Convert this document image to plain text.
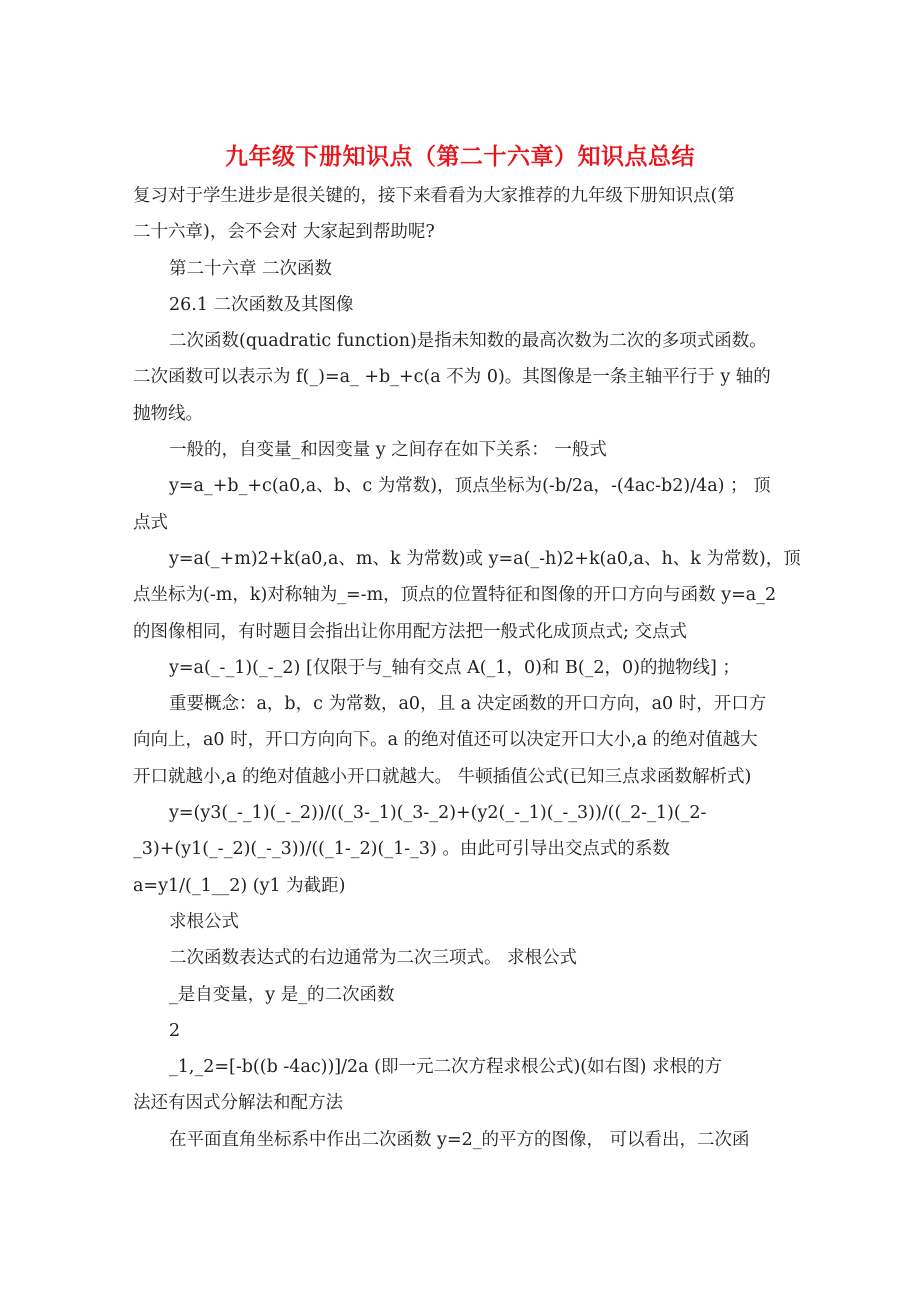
九年级下册知识点（第二十六章）知识点总结

复习对于学生进步是很关键的，接下来看看为大家推荐的九年级下册知识点(第

二十六章)，会不会对 大家起到帮助呢?

第二十六章 二次函数

26.1 二次函数及其图像

二次函数(quadratic function)是指未知数的最高次数为二次的多项式函数。

二次函数可以表示为 f(_)=a_ +b_+c(a 不为 0)。其图像是一条主轴平行于 y 轴的

抛物线。

一般的，自变量_和因变量 y 之间存在如下关系： 一般式

y=a_+b_+c(a0,a、b、c 为常数)，顶点坐标为(-b/2a，-(4ac-b2)/4a) ； 顶

点式

y=a(_+m)2+k(a0,a、m、k 为常数)或 y=a(_-h)2+k(a0,a、h、k 为常数)，顶

点坐标为(-m，k)对称轴为_=-m，顶点的位置特征和图像的开口方向与函数 y=a_2

的图像相同，有时题目会指出让你用配方法把一般式化成顶点式; 交点式

y=a(_-_1)(_-_2) [仅限于与_轴有交点 A(_1，0)和 B(_2，0)的抛物线] ；

重要概念：a，b，c 为常数，a0，且 a 决定函数的开口方向，a0 时，开口方

向向上，a0 时，开口方向向下。a 的绝对值还可以决定开口大小,a 的绝对值越大

开口就越小,a 的绝对值越小开口就越大。 牛顿插值公式(已知三点求函数解析式)

y=(y3(_-_1)(_-_2))/((_3-_1)(_3-_2)+(y2(_-_1)(_-_3))/((_2-_1)(_2-

_3)+(y1(_-_2)(_-_3))/((_1-_2)(_1-_3) 。由此可引导出交点式的系数

a=y1/(_1__2) (y1 为截距)

求根公式

二次函数表达式的右边通常为二次三项式。 求根公式

_是自变量，y 是_的二次函数

2

_1,_2=[-b((b -4ac))]/2a (即一元二次方程求根公式)(如右图) 求根的方

法还有因式分解法和配方法

在平面直角坐标系中作出二次函数 y=2_的平方的图像， 可以看出，二次函
